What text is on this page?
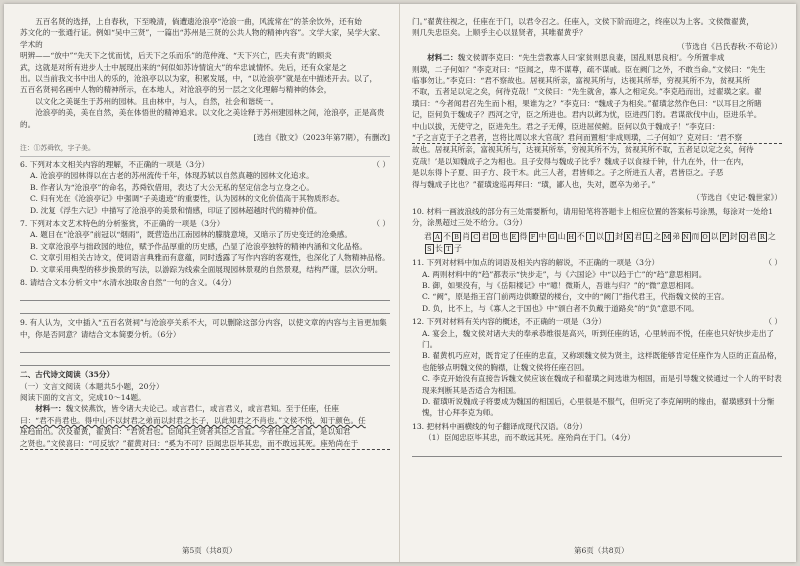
五百名贤的选择，上自春秋，下至晚清，倘遭遗沧浪亭“沧浪一曲，风流常在”的茶余饮外，还有始

苏文化的一张通行证。例如“吴中三贤”，一篇出“苏州是三贤的公共人物的精神内容”。文学大家，吴学大家、学术的

明辨——“放中”“先天下之忧而忧，后天下之乐而乐”的范仲淹、“天下兴亡，匹夫有责”的顾炎

武，这就是对所有进步人士中展现出来的“何似如苏诗情谊大”的牟忠诚情怀。先后，还有众家是之

出。以当前我文书中出人的乐的，沧浪亭以以为家，积累发展，中，“以沧浪亭”就是在中描述开去。以了，

五百名贤祠名画中人物的精神所示，在本地人，对沧浪亭的另一层之文化理解与精神的体会，

以文化之美诞生于苏州的园林。且由林中，与人，自然，社会和谐统一。

沧浪亭的美，美在自然，美在体悟世的精神追求。以文化之美诠释于苏州建园林之间，沧浪亭，正是高贵的。

[选自《散文》（2023年第7期），有删改]

注：①苏舜钦，字子美。

6. 下列对本文相关内容的理解，不正确的一项是（3分）	（ ）

A. 沧浪亭的园林得以在古老的苏州流传千年，体现苏轼以自然真趣的园林文化追求。

B. 作者认为“沧浪亭”的命名，苏舜钦借用，表达了大公无私的坚定信念与立身之心。

C. 归有光在《沧浪亭记》中强调“子美遗迹”的重要性，认为园林的文化价值高于其物质形态。

D. 沈复《浮生六记》中描写了沧浪亭的美景和情感，印证了园林超越时代的精神价值。

7. 下列对本文艺术特色的分析鉴赏，不正确的一项是（3分）	（ ）

A. 题目在“沧浪亭”前冠以“烟雨”，既营造出江南园林的朦胧意境，又暗示了历史变迁的沧桑感。

B. 文章沧浪亭与拙政园的地位，赋予作品厚重的历史感，凸显了沧浪亭独特的精神内涵和文化品格。

C. 文章引用相关古诗文，使词语言典雅而有意蕴，同时透露了写作内容的客观性，也深化了人物精神品格。

D. 文章采用典型的移步换景的写法，以游踪为线索全面展现园林景观的自然景观，结构严谨，层次分明。

8. 请结合文本分析文中“水清水浊取舍自然”一句的含义。（4分）

9. 有人认为，文中插入“五百名贤祠”与沧浪亭关系不大，可以删除这部分内容，以使文章的内容与主旨更加集中，你是否同意？请结合文本简要分析。（6分）

二、古代诗文阅读（35分）

（一）文言文阅读（本题共5小题，20分）

阅读下面的文言文，完成10～14题。

材料一：魏文侯燕饮，皆令诸大夫论己。或言君仁，或言君义，或言君知。至于任座，任座

曰：“君不肖君也。得中山不以封君之弟而以封君之长子，以此知君之不肖也。”文侯不悦，知于颜色。任

座趋而出。次及翟黄，翟黄曰：“君贤君也。臣闻其主贤者其臣之言直。今者任座之言直，是以知君

之贤也。”文侯喜曰：“可反欤？”翟黄对曰：“奚为不可？臣闻忠臣毕其忠，而不敢远其死。座殆尚在于

门。”翟黄往视之，任座在于门，以君令召之。任座入，文侯下阶而迎之，终座以为上客。文侯微翟黄，

则几失忠臣矣。上顺乎主心以显贤者，其唯翟黄乎？

（节选自《吕氏春秋·不苟论》）

材料二：魏文侯谓李克曰：“先生尝教寡人曰‘家贫则思良妻，国乱则思良相’。今所置非成

则璜，二子何如？”李克对曰：“臣闻之，卑不谋尊，疏不谋戚。臣在阙门之外，不敢当命。”文侯曰：“先生

临事勿让。”李克曰：“君不察故也。居视其所亲，富视其所与，达视其所举，穷视其所不为，贫视其所

不取，五者足以定之矣，何待克哉！”文侯曰：“先生就舍，寡人之相定矣。”李克趋而出，过翟璜之家。翟

璜曰：“今者闻君召先生而卜相，果谁为之？”李克曰：“魏成子为相矣。”翟璜忿然作色曰：“以耳目之所睹

记，臣何负于魏成子？西河之守，臣之所进也。君内以邺为忧，臣进西门豹。君谋欲伐中山，臣进乐羊。

中山以拔，无使守之，臣进先生。君之子无傅，臣进屈侯鲋。臣何以负于魏成子！”李克曰：

“子之言克于子之君者，岂将比周以求大官哉？君问而置相‘非成则璜，二子何如’？克对曰：‘君不察

故也。居视其所亲，富视其所与，达视其所举，穷视其所不为，贫视其所不取，五者足以定之矣，何待

克哉！’是以知魏成子之为相也。且子安得与魏成子比乎？魏成子以食禄千钟，什九在外，什一在内，

是以东得卜子夏、田子方、段干木。此三人者，君皆师之。子之所进五人者，君皆臣之。子恶

得与魏成子比也？”翟璜逡巡再拜曰：“璜，鄙人也，失对，愿卒为弟子。”

（节选自《史记·魏世家》）

10. 材料一画波浪线的部分有三处需要断句，请用铅笔将答题卡上相应位置的答案标号涂黑，每涂对一处给1分，涂黑超过三处不给分。（3分）

君 A 不 B 肖 C 君 D 也 E 得 F 中 G 山 H 不 I 以 J 封 K 君 L 之 M 弟 N 而 O 以 P 封 Q 君 R 之S 长 T 子

11. 下列对材料中加点的词语及相关内容的解说，不正确的一项是（3分）	（ ）

A. 两则材料中的“趋”都表示“快步走”，与《六国论》中“以趋于亡”的“趋”意思相同。

B. 御，如果没有，与《岳阳楼记》中“噫！微斯人，吾谁与归？”的“微”意思相同。

C. “阙”，原是指王宫门前两边供瞭望的楼台，文中的“阙门”指代君王，代指魏文侯的王宫。

D. 负，比不上，与《寡人之于国也》中“颁白者不负戴于道路矣”的“负”意思不同。

12. 下列对材料有关内容的概述，不正确的一项是（3分）	（ ）

A. 宴会上，魏文侯对诸大夫的奉承恭维很是高兴，听到任座的话，心里转而不悦，任座也只好快步走出了门。

B. 翟黄机巧应对，既肯定了任座的忠直，又称颂魏文侯为贤主，这样既能够肯定任座作为人臣的正直品格，也能够点明魏文侯的胸襟，让魏文侯将任座召回。

C. 李克开始没有直接告诉魏文侯应该在魏成子和翟璜之间选谁为相国，而是引导魏文侯通过一个人的平时表现来判断其是否适合为相国。

D. 翟璜听说魏成子将要成为魏国的相国后，心里很是不服气，但听完了李克阐明的缘由，翟璜感到十分惭愧，甘心拜李克为师。

13. 把材料中画横线的句子翻译成现代汉语。（8分）

（1）臣闻忠臣毕其忠，而不敢远其死。座殆尚在于门。（4分）

第5页（共8页）	第6页（共8页）
